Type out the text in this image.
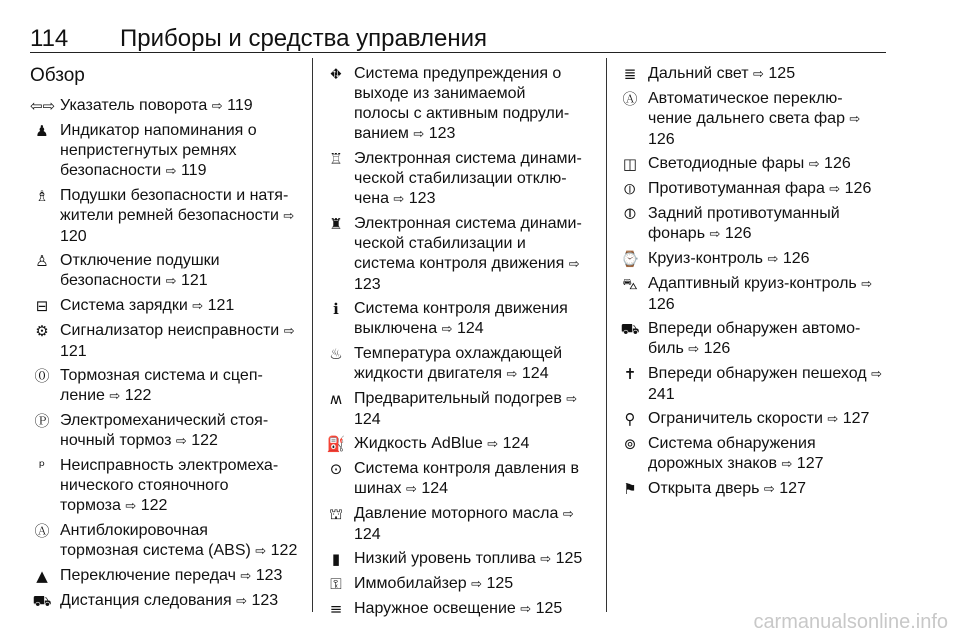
114 Приборы и средства управления
Обзор
⇦⇨ Указатель поворота ⇨ 119
♟ Индикатор напоминания о
непристегнутых ремнях
безопасности ⇨ 119
♗ Подушки безопасности и натя-
жители ремней безопасности ⇨ 120
♙ Отключение подушки
безопасности ⇨ 121
⊟ Система зарядки ⇨ 121
⚙ Сигнализатор неисправности ⇨ 121
⓪ Тормозная система и сцеп-
ление ⇨ 122
Ⓟ Электромеханический стоя-
ночный тормоз ⇨ 122
ᵖ Неисправность электромеха-
нического стояночного
тормоза ⇨ 122
Ⓐ Антиблокировочная
тормозная система (ABS) ⇨ 122
▲ Переключение передач ⇨ 123
⛟ Дистанция следования ⇨ 123
⛖ Система предупреждения о
выходе из занимаемой
полосы с активным подрули-
ванием ⇨ 123
♖ Электронная система динами-
ческой стабилизации отклю-
чена ⇨ 123
♜ Электронная система динами-
ческой стабилизации и
система контроля движения ⇨ 123
ℹ Система контроля движения
выключена ⇨ 124
♨ Температура охлаждающей
жидкости двигателя ⇨ 124
ʍ Предварительный подогрев ⇨ 124
⛽ Жидкость AdBlue ⇨ 124
⊙ Система контроля давления в
шинах ⇨ 124
⛫ Давление моторного масла ⇨ 124
▮ Низкий уровень топлива ⇨ 125
⚿ Иммобилайзер ⇨ 125
≡ Наружное освещение ⇨ 125
≣ Дальний свет ⇨ 125
Ⓐ Автоматическое переклю-
чение дальнего света фар ⇨ 126
◫ Светодиодные фары ⇨ 126
⦶ Противотуманная фара ⇨ 126
⦷ Задний противотуманный
фонарь ⇨ 126
⌚ Круиз-контроль ⇨ 126
⛍ Адаптивный круиз-контроль ⇨ 126
⛟ Впереди обнаружен автомо-
биль ⇨ 126
✝ Впереди обнаружен пешеход ⇨ 241
⚲ Ограничитель скорости ⇨ 127
⊚ Система обнаружения
дорожных знаков ⇨ 127
⚑ Открыта дверь ⇨ 127
carmanualsonline.info
